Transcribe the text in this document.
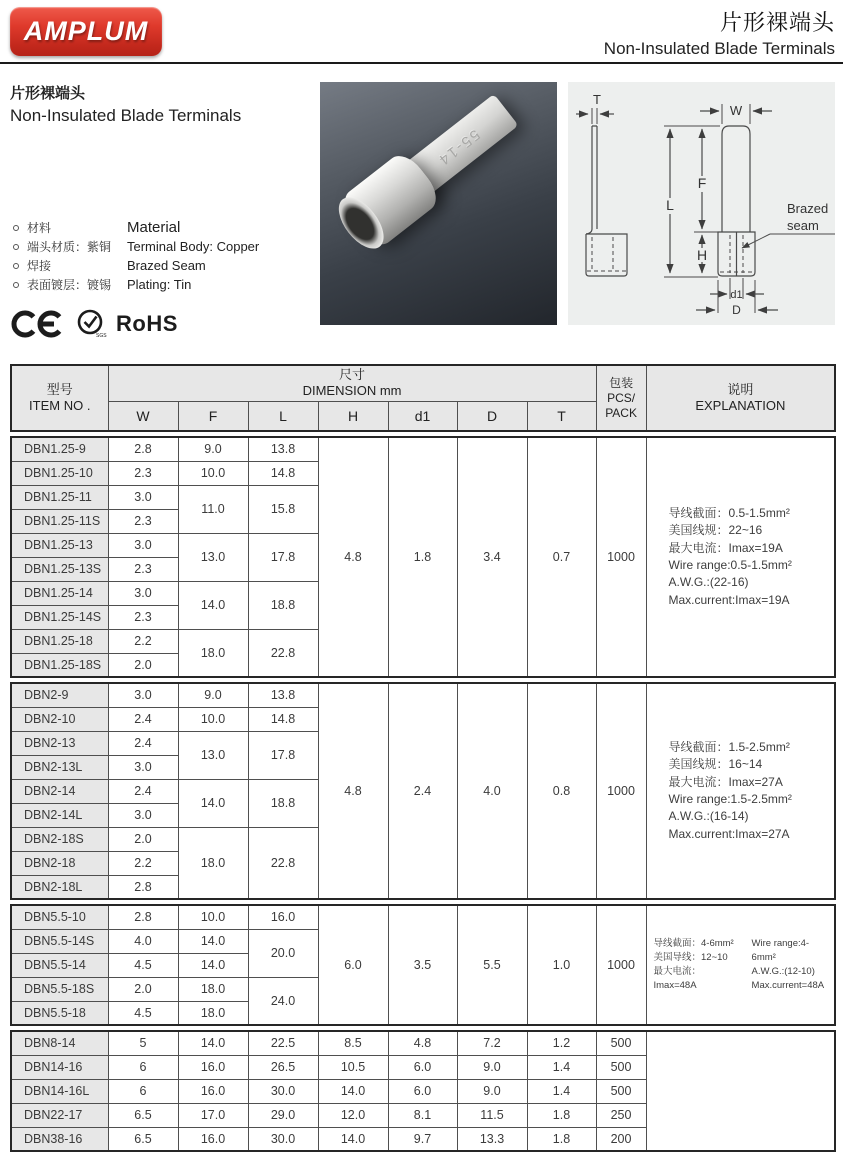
AMPLUM	片形裸端头
Non-Insulated Blade Terminals
片形裸端头
Non-Insulated Blade Terminals
材料	Material
端头材质：紫铜	Terminal Body: Copper
焊接	Brazed Seam
表面镀层：镀锡	Plating: Tin
SGS RoHS
55-14
T
W
L
F
H
d1
D
Brazed
seam
型号
ITEM NO .

尺寸
DIMENSION mm

包装
PCS/
PACK

说明
EXPLANATION

	W	F	L	H	d1	D	T		
DBN1.25-9	2.8	9.0	13.8	4.8	1.8	3.4	0.7	1000	
导线截面：0.5-1.5mm²
美国线规：22~16
最大电流：Imax=19A
Wire range:0.5-1.5mm²
A.W.G.:(22-16)
Max.current:Imax=19A

DBN1.25-10	2.3	10.0	14.8						
DBN1.25-11	3.0	11.0	15.8						
DBN1.25-11S	2.3								
DBN1.25-13	3.0	13.0	17.8						
DBN1.25-13S	2.3								
DBN1.25-14	3.0	14.0	18.8						
DBN1.25-14S	2.3								
DBN1.25-18	2.2	18.0	22.8						
DBN1.25-18S	2.0								
DBN2-9	3.0	9.0	13.8	4.8	2.4	4.0	0.8	1000	
导线截面：1.5-2.5mm²
美国线规：16~14
最大电流：Imax=27A
Wire range:1.5-2.5mm²
A.W.G.:(16-14)
Max.current:Imax=27A

DBN2-10	2.4	10.0	14.8						
DBN2-13	2.4	13.0	17.8						
DBN2-13L	3.0								
DBN2-14	2.4	14.0	18.8						
DBN2-14L	3.0								
DBN2-18S	2.0	18.0	22.8						
DBN2-18	2.2								
DBN2-18L	2.8								
DBN5.5-10	2.8	10.0	16.0	6.0	3.5	5.5	1.0	1000	
导线截面：4-6mm²
美国导线：12~10
最大电流：Imax=48A
Wire range:4-6mm²
A.W.G.:(12-10)
Max.current=48A

DBN5.5-14S	4.0	14.0	20.0						
DBN5.5-14	4.5	14.0							
DBN5.5-18S	2.0	18.0	24.0						
DBN5.5-18	4.5	18.0							
DBN8-14	5	14.0	22.5	8.5	4.8	7.2	1.2	500	
DBN14-16	6	16.0	26.5	10.5	6.0	9.0	1.4	500	
DBN14-16L	6	16.0	30.0	14.0	6.0	9.0	1.4	500	
DBN22-17	6.5	17.0	29.0	12.0	8.1	11.5	1.8	250	
DBN38-16	6.5	16.0	30.0	14.0	9.7	13.3	1.8	200	
